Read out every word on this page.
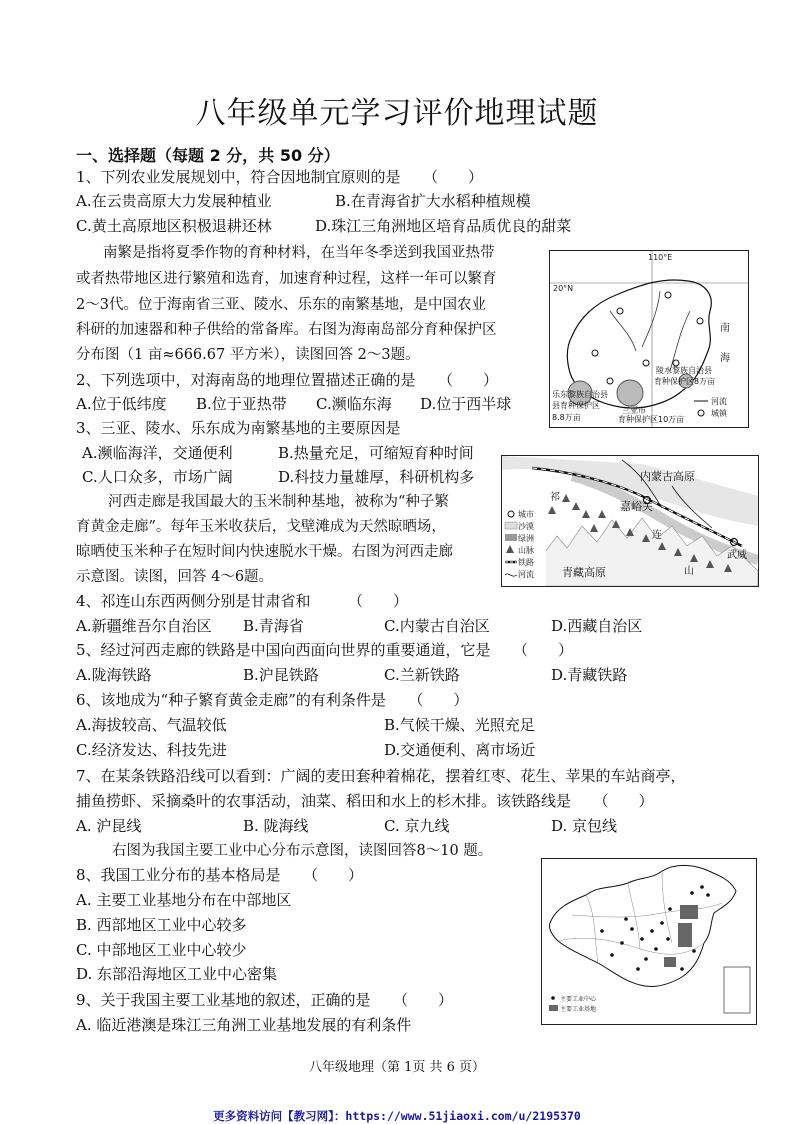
八年级单元学习评价地理试题
一、选择题（每题 2 分，共 50 分）
1、下列农业发展规划中，符合因地制宜原则的是　　（　　）
A.在云贵高原大力发展种植业	B.在青海省扩大水稻种植规模
C.黄土高原地区积极退耕还林	D.珠江三角洲地区培育品质优良的甜菜
南繁是指将夏季作物的育种材料，在当年冬季送到我国亚热带
或者热带地区进行繁殖和选育，加速育种过程，这样一年可以繁育
2～3代。位于海南省三亚、陵水、乐东的南繁基地，是中国农业
科研的加速器和种子供给的常备库。右图为海南岛部分育种保护区
分布图（1 亩≈666.67 平方米），读图回答 2～3题。
110°E
20°N
南
海
陵水黎族自治县
育种保护区8万亩
乐东黎族自治县
县育种保护区
8.8万亩
三亚市
育种保护区10万亩
河流
城镇
2、下列选项中，对海南岛的地理位置描述正确的是　　（　　）
A.位于低纬度 B.位于亚热带 C.濒临东海 D.位于西半球
3、三亚、陵水、乐东成为南繁基地的主要原因是
A.濒临海洋，交通便利	B.热量充足，可缩短育种时间
C.人口众多，市场广阔	D.科技力量雄厚，科研机构多
河西走廊是我国最大的玉米制种基地，被称为“种子繁
育黄金走廊”。每年玉米收获后，戈壁滩成为天然晾晒场，
晾晒使玉米种子在短时间内快速脱水干燥。右图为河西走廊
示意图。读图，回答 4～6题。
内蒙古高原
青藏高原
嘉峪关
武威
祁
连
山
城市
沙漠
绿洲
山脉
铁路
河流
4、祁连山东西两侧分别是甘肃省和　　　（　　）
A.新疆维吾尔自治区 B.青海省	C.内蒙古自治区	D.西藏自治区
5、经过河西走廊的铁路是中国向西面向世界的重要通道，它是　　（　　）
A.陇海铁路	B.沪昆铁路	C.兰新铁路	D.青藏铁路
6、该地成为“种子繁育黄金走廊”的有利条件是　　（　　）
A.海拔较高、气温较低	B.气候干燥、光照充足
C.经济发达、科技先进	D.交通便利、离市场近
7、在某条铁路沿线可以看到：广阔的麦田套种着棉花，摆着红枣、花生、苹果的车站商亭，
捕鱼捞虾、采摘桑叶的农事活动，油菜、稻田和水上的杉木排。该铁路线是　　（　　）
A. 沪昆线	B. 陇海线	C. 京九线	D. 京包线
右图为我国主要工业中心分布示意图，读图回答8～10 题。
主要工业中心
主要工业基地
8、我国工业分布的基本格局是　　（　　）
A. 主要工业基地分布在中部地区
B. 西部地区工业中心较多
C. 中部地区工业中心较少
D. 东部沿海地区工业中心密集
9、关于我国主要工业基地的叙述，正确的是　　（　　）
A. 临近港澳是珠江三角洲工业基地发展的有利条件
八年级地理（第 1页 共 6 页）
更多资料访问【教习网】：https://www.51jiaoxi.com/u/2195370
